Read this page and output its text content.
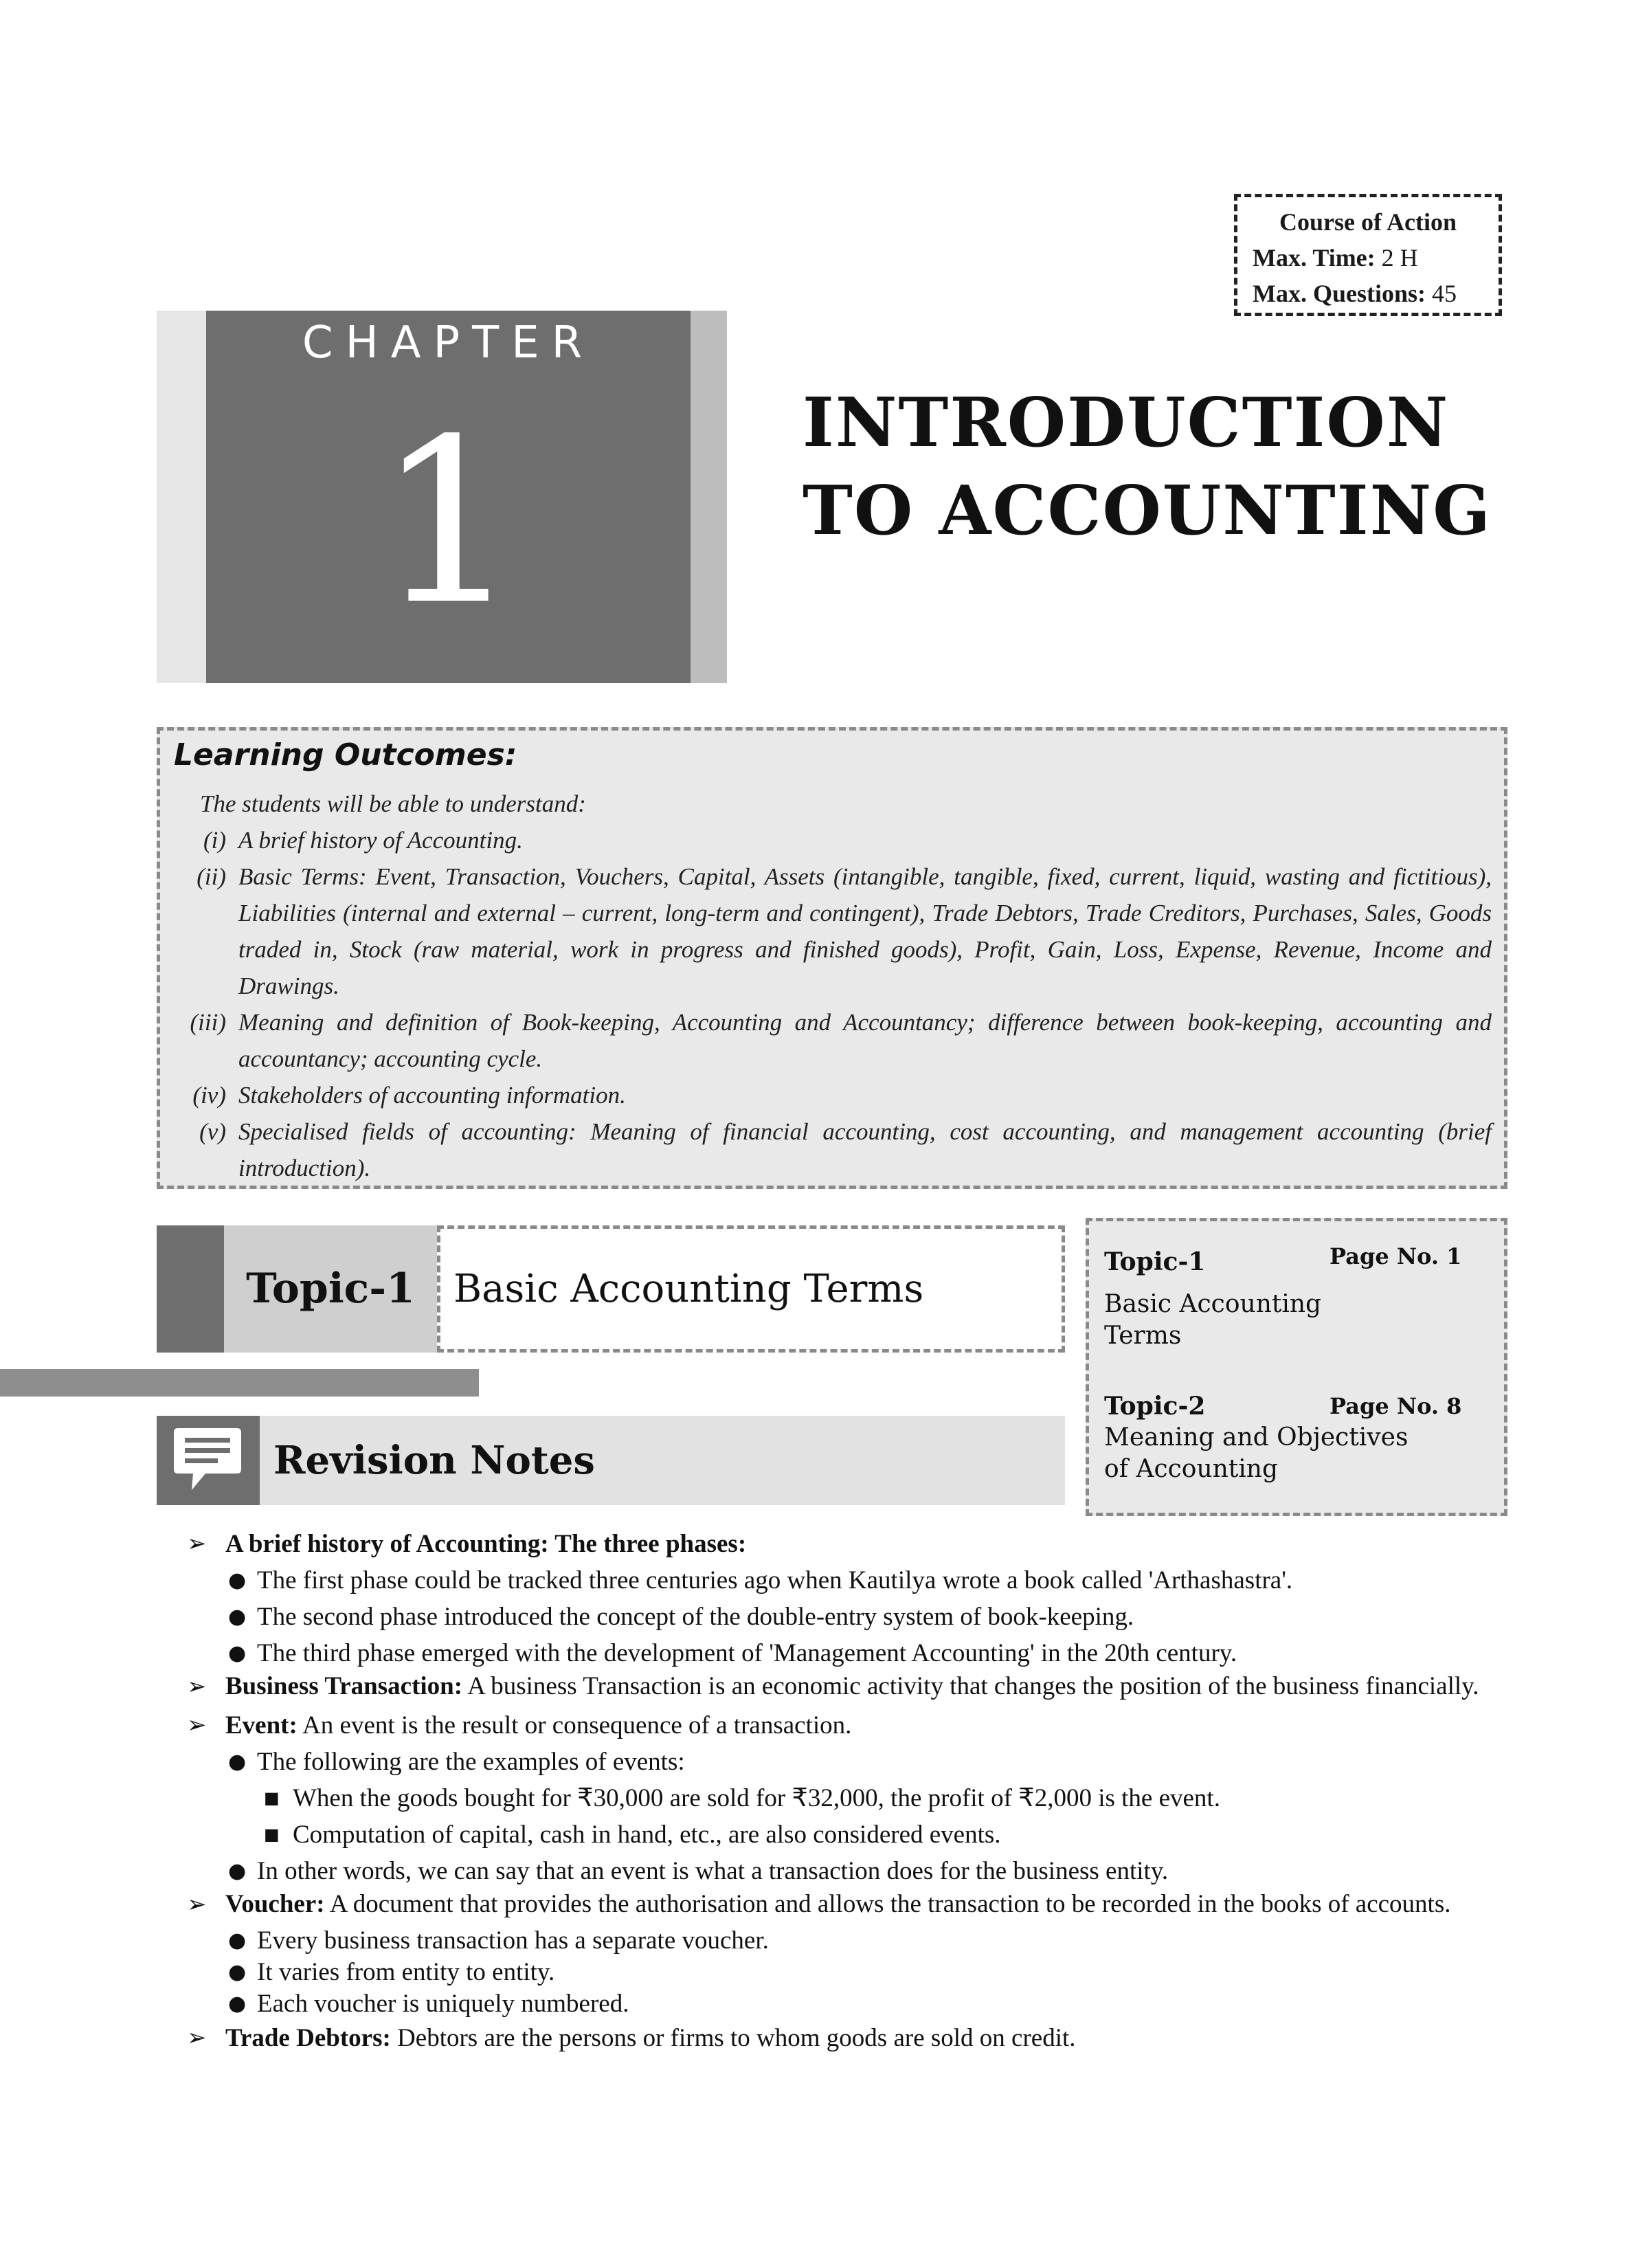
Course of Action
Max. Time: 2 H
Max. Questions: 45
CHAPTER
1	INTRODUCTION
TO ACCOUNTING
Learning Outcomes:
The students will be able to understand:
(i) A brief history of Accounting.
(ii) Basic Terms: Event, Transaction, Vouchers, Capital, Assets (intangible, tangible, fixed, current, liquid, wasting and fictitious), Liabilities (internal and external – current, long-term and contingent), Trade Debtors, Trade Creditors, Purchases, Sales, Goods traded in, Stock (raw material, work in progress and finished goods), Profit, Gain, Loss, Expense, Revenue, Income and Drawings.
(iii) Meaning and definition of Book-keeping, Accounting and Accountancy; difference between book-keeping, accounting and accountancy; accounting cycle.
(iv) Stakeholders of accounting information.
(v) Specialised fields of accounting: Meaning of financial accounting, cost accounting, and management accounting (brief introduction).
Topic-1	Basic Accounting Terms
Revision Notes
Topic-1	Page No. 1
Basic Accounting
Terms
Topic-2	Page No. 8
Meaning and Objectives
of Accounting
➢ A brief history of Accounting: The three phases:
● The first phase could be tracked three centuries ago when Kautilya wrote a book called 'Arthashastra'.
● The second phase introduced the concept of the double-entry system of book-keeping.
● The third phase emerged with the development of 'Management Accounting' in the 20th century.
➢ Business Transaction: A business Transaction is an economic activity that changes the position of the business financially.
➢ Event: An event is the result or consequence of a transaction.
● The following are the examples of events:
■ When the goods bought for ₹30,000 are sold for ₹32,000, the profit of ₹2,000 is the event.
■ Computation of capital, cash in hand, etc., are also considered events.
● In other words, we can say that an event is what a transaction does for the business entity.
➢ Voucher: A document that provides the authorisation and allows the transaction to be recorded in the books of accounts.
● Every business transaction has a separate voucher.
● It varies from entity to entity.
● Each voucher is uniquely numbered.
➢ Trade Debtors: Debtors are the persons or firms to whom goods are sold on credit.
